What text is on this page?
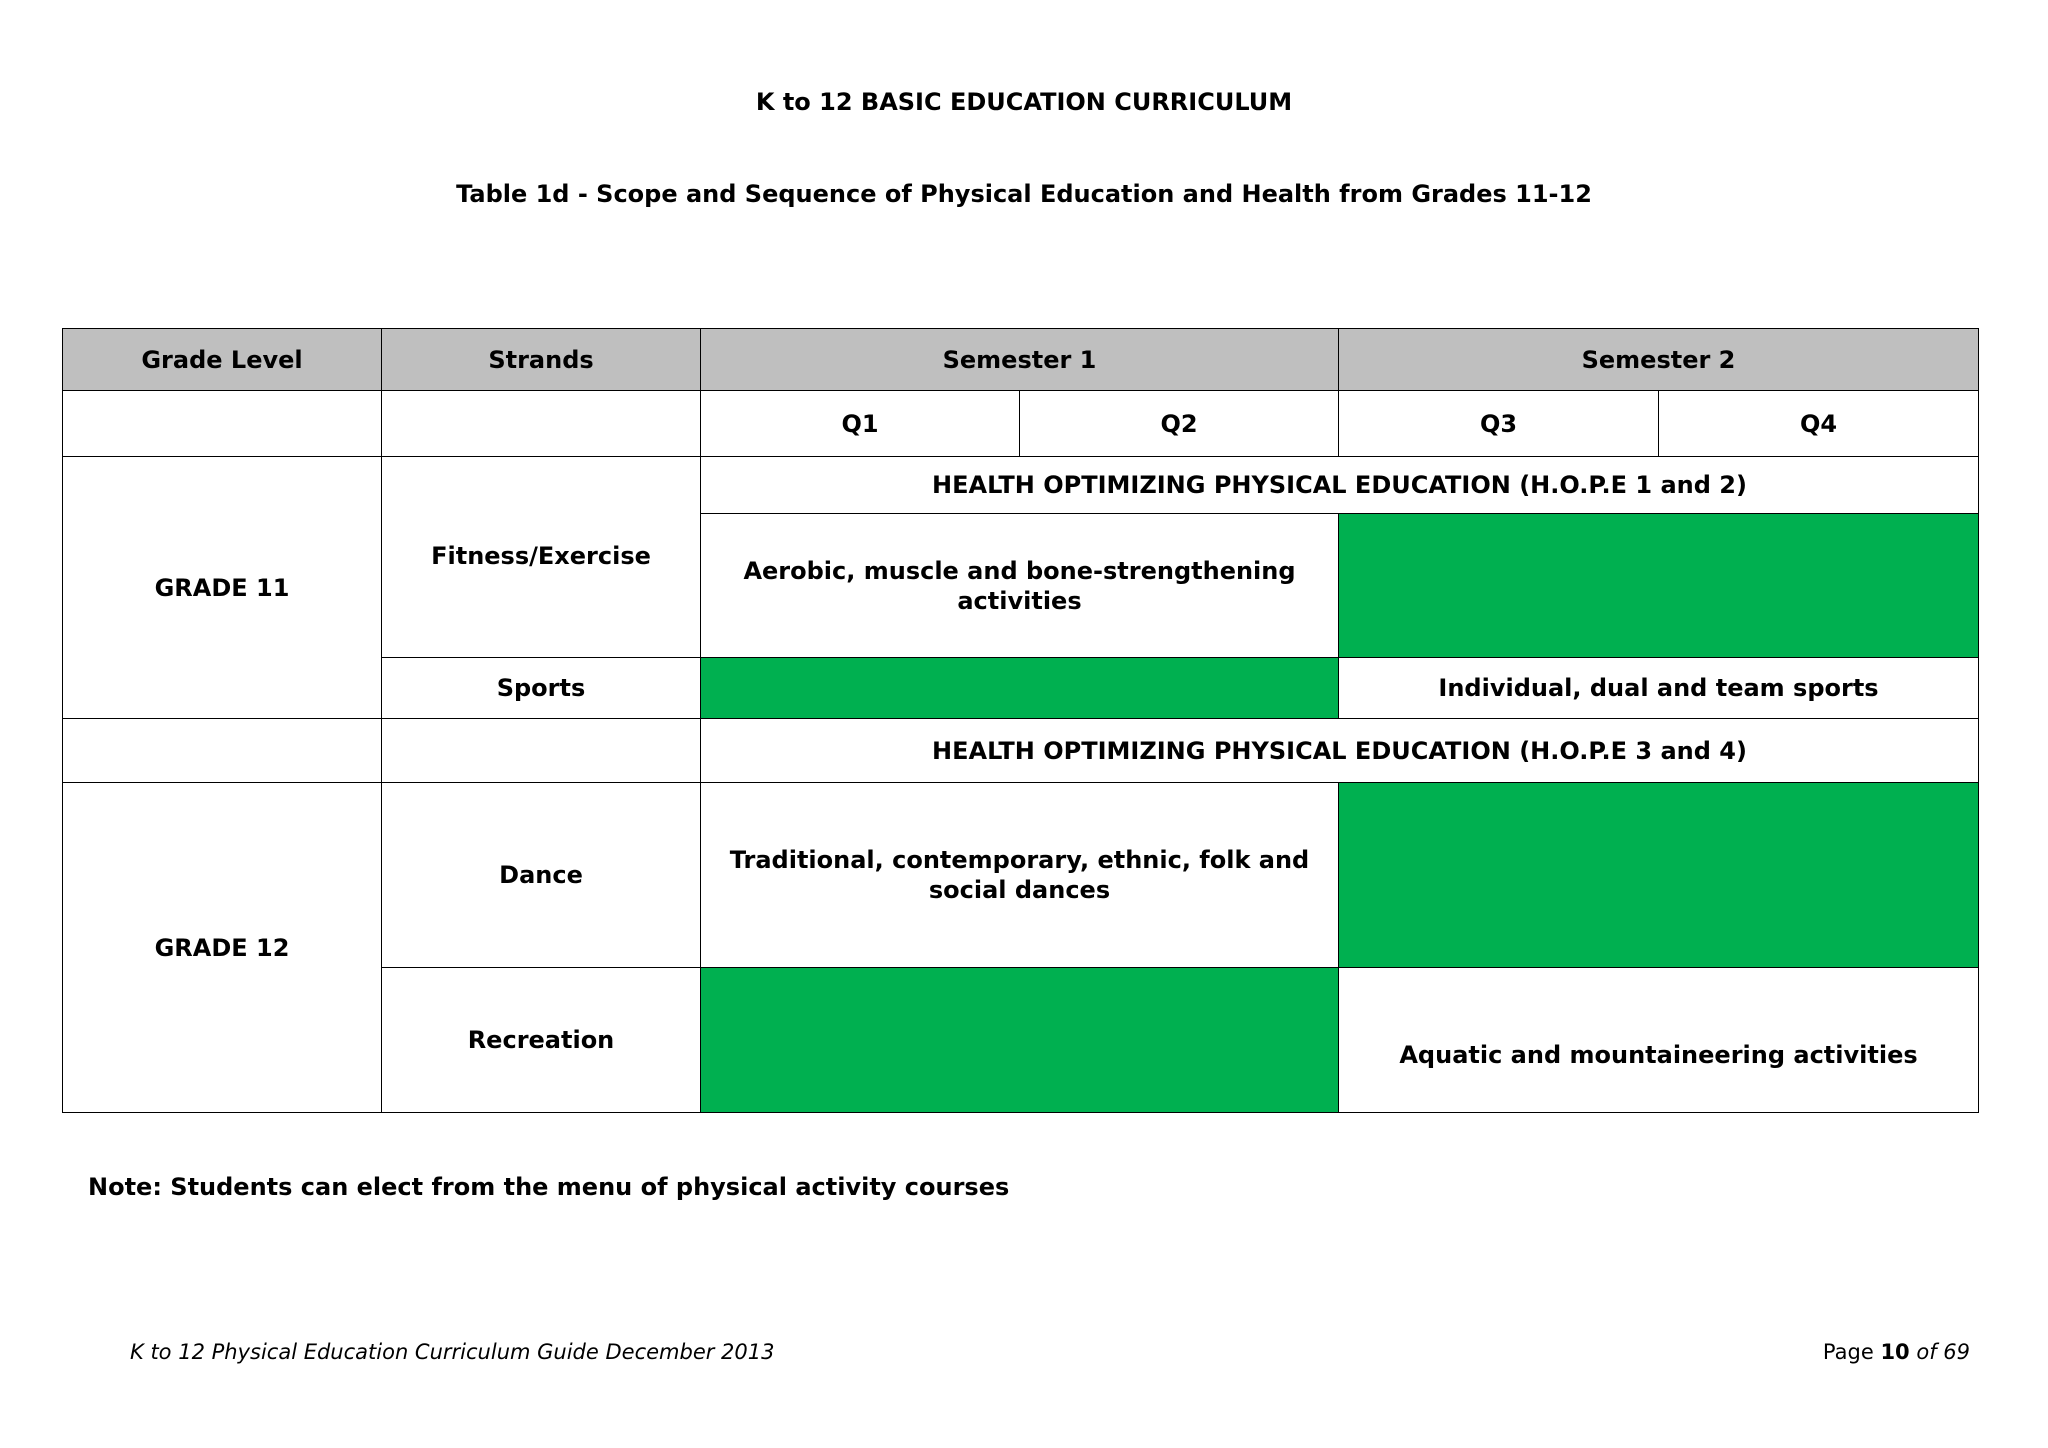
K to 12 BASIC EDUCATION CURRICULUM
Table 1d - Scope and Sequence of Physical Education and Health from Grades 11-12
Grade Level	Strands	Semester 1		Semester 2	
		Q1	Q2	Q3	Q4
GRADE 11	Fitness/Exercise	HEALTH OPTIMIZING PHYSICAL EDUCATION (H.O.P.E 1 and 2)			
		Aerobic, muscle and bone-strengthening activities			
	Sports			Individual, dual and team sports	
		HEALTH OPTIMIZING PHYSICAL EDUCATION (H.O.P.E 3 and 4)			
GRADE 12	Dance	Traditional, contemporary, ethnic, folk and social dances			
	Recreation			Aquatic and mountaineering activities	
Note: Students can elect from the menu of physical activity courses
K to 12 Physical Education Curriculum Guide December 2013	Page 10 of 69
